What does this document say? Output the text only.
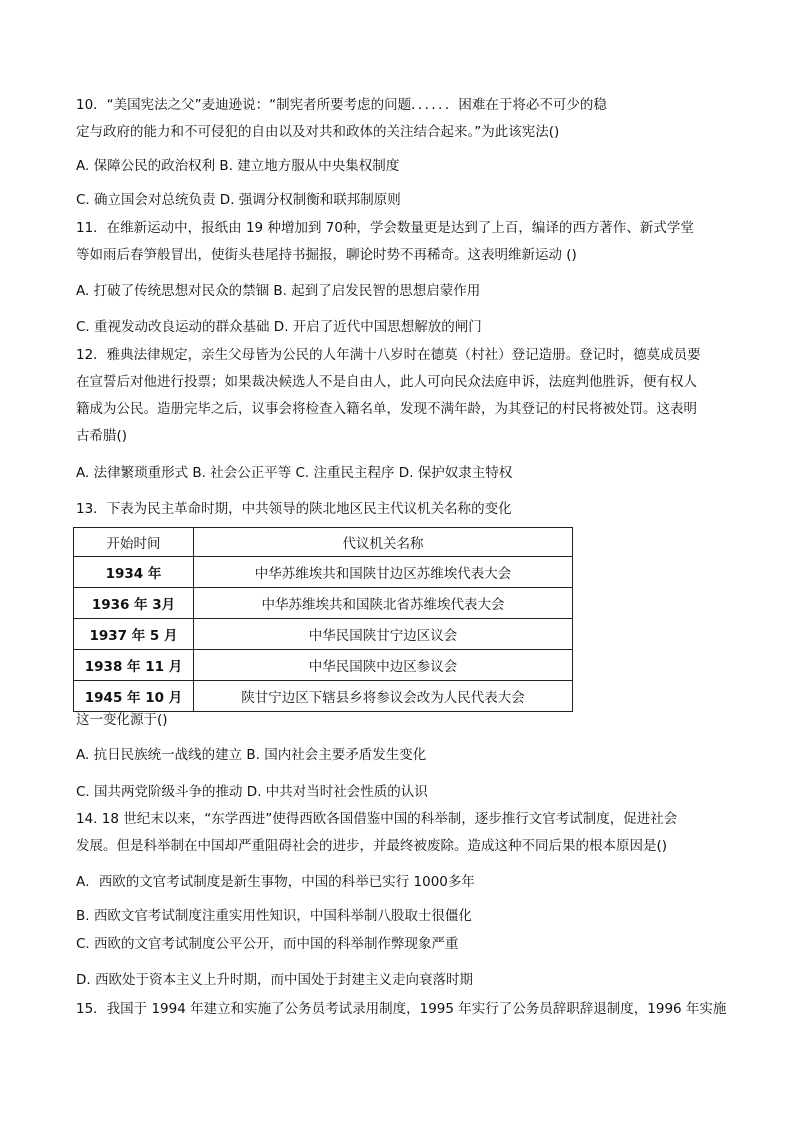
10．“美国宪法之父”麦迪逊说：“制宪者所要考虑的问题．．．．．．困难在于将必不可少的稳
定与政府的能力和不可侵犯的自由以及对共和政体的关注结合起来。”为此该宪法()
A. 保障公民的政治权利 B. 建立地方服从中央集权制度
C. 确立国会对总统负责 D. 强调分权制衡和联邦制原则
11．在维新运动中，报纸由 19 种增加到 70种，学会数量更是达到了上百，编译的西方著作、新式学堂
等如雨后春笋般冒出，使街头巷尾持书掘报，聊论时势不再稀奇。这表明维新运动 ()
A. 打破了传统思想对民众的禁锢 B. 起到了启发民智的思想启蒙作用
C. 重视发动改良运动的群众基础 D. 开启了近代中国思想解放的闸门
12．雅典法律规定，亲生父母皆为公民的人年满十八岁时在德莫（村社）登记造册。登记时，德莫成员要
在宣誓后对他进行投票；如果裁决候选人不是自由人，此人可向民众法庭申诉，法庭判他胜诉，便有权人
籍成为公民。造册完毕之后，议事会将检查入籍名单，发现不满年龄，为其登记的村民将被处罚。这表明
古希腊()
A. 法律繁琐重形式 B. 社会公正平等 C. 注重民主程序 D. 保护奴隶主特权
13．下表为民主革命时期，中共领导的陕北地区民主代议机关名称的变化
开始时间	代议机关名称
1934 年	中华苏维埃共和国陕甘边区苏维埃代表大会
1936 年 3月	中华苏维埃共和国陕北省苏维埃代表大会
1937 年 5 月	中华民国陕甘宁边区议会
1938 年 11 月	中华民国陕中边区参议会
1945 年 10 月	陕甘宁边区下辖县乡将参议会改为人民代表大会
这一变化源于()
A. 抗日民族统一战线的建立 B. 国内社会主要矛盾发生变化
C. 国共两党阶级斗争的推动 D. 中共对当时社会性质的认识
14. 18 世纪末以来，“东学西进”使得西欧各国借鉴中国的科举制，逐步推行文官考试制度，促进社会
发展。但是科举制在中国却严重阻碍社会的进步，并最终被废除。造成这种不同后果的根本原因是()
A．西欧的文官考试制度是新生事物，中国的科举已实行 1000多年
B. 西欧文官考试制度注重实用性知识，中国科举制八股取士很僵化
C. 西欧的文官考试制度公平公开，而中国的科举制作弊现象严重
D. 西欧处于资本主义上升时期，而中国处于封建主义走向衰落时期
15．我国于 1994 年建立和实施了公务员考试录用制度，1995 年实行了公务员辞职辞退制度，1996 年实施
